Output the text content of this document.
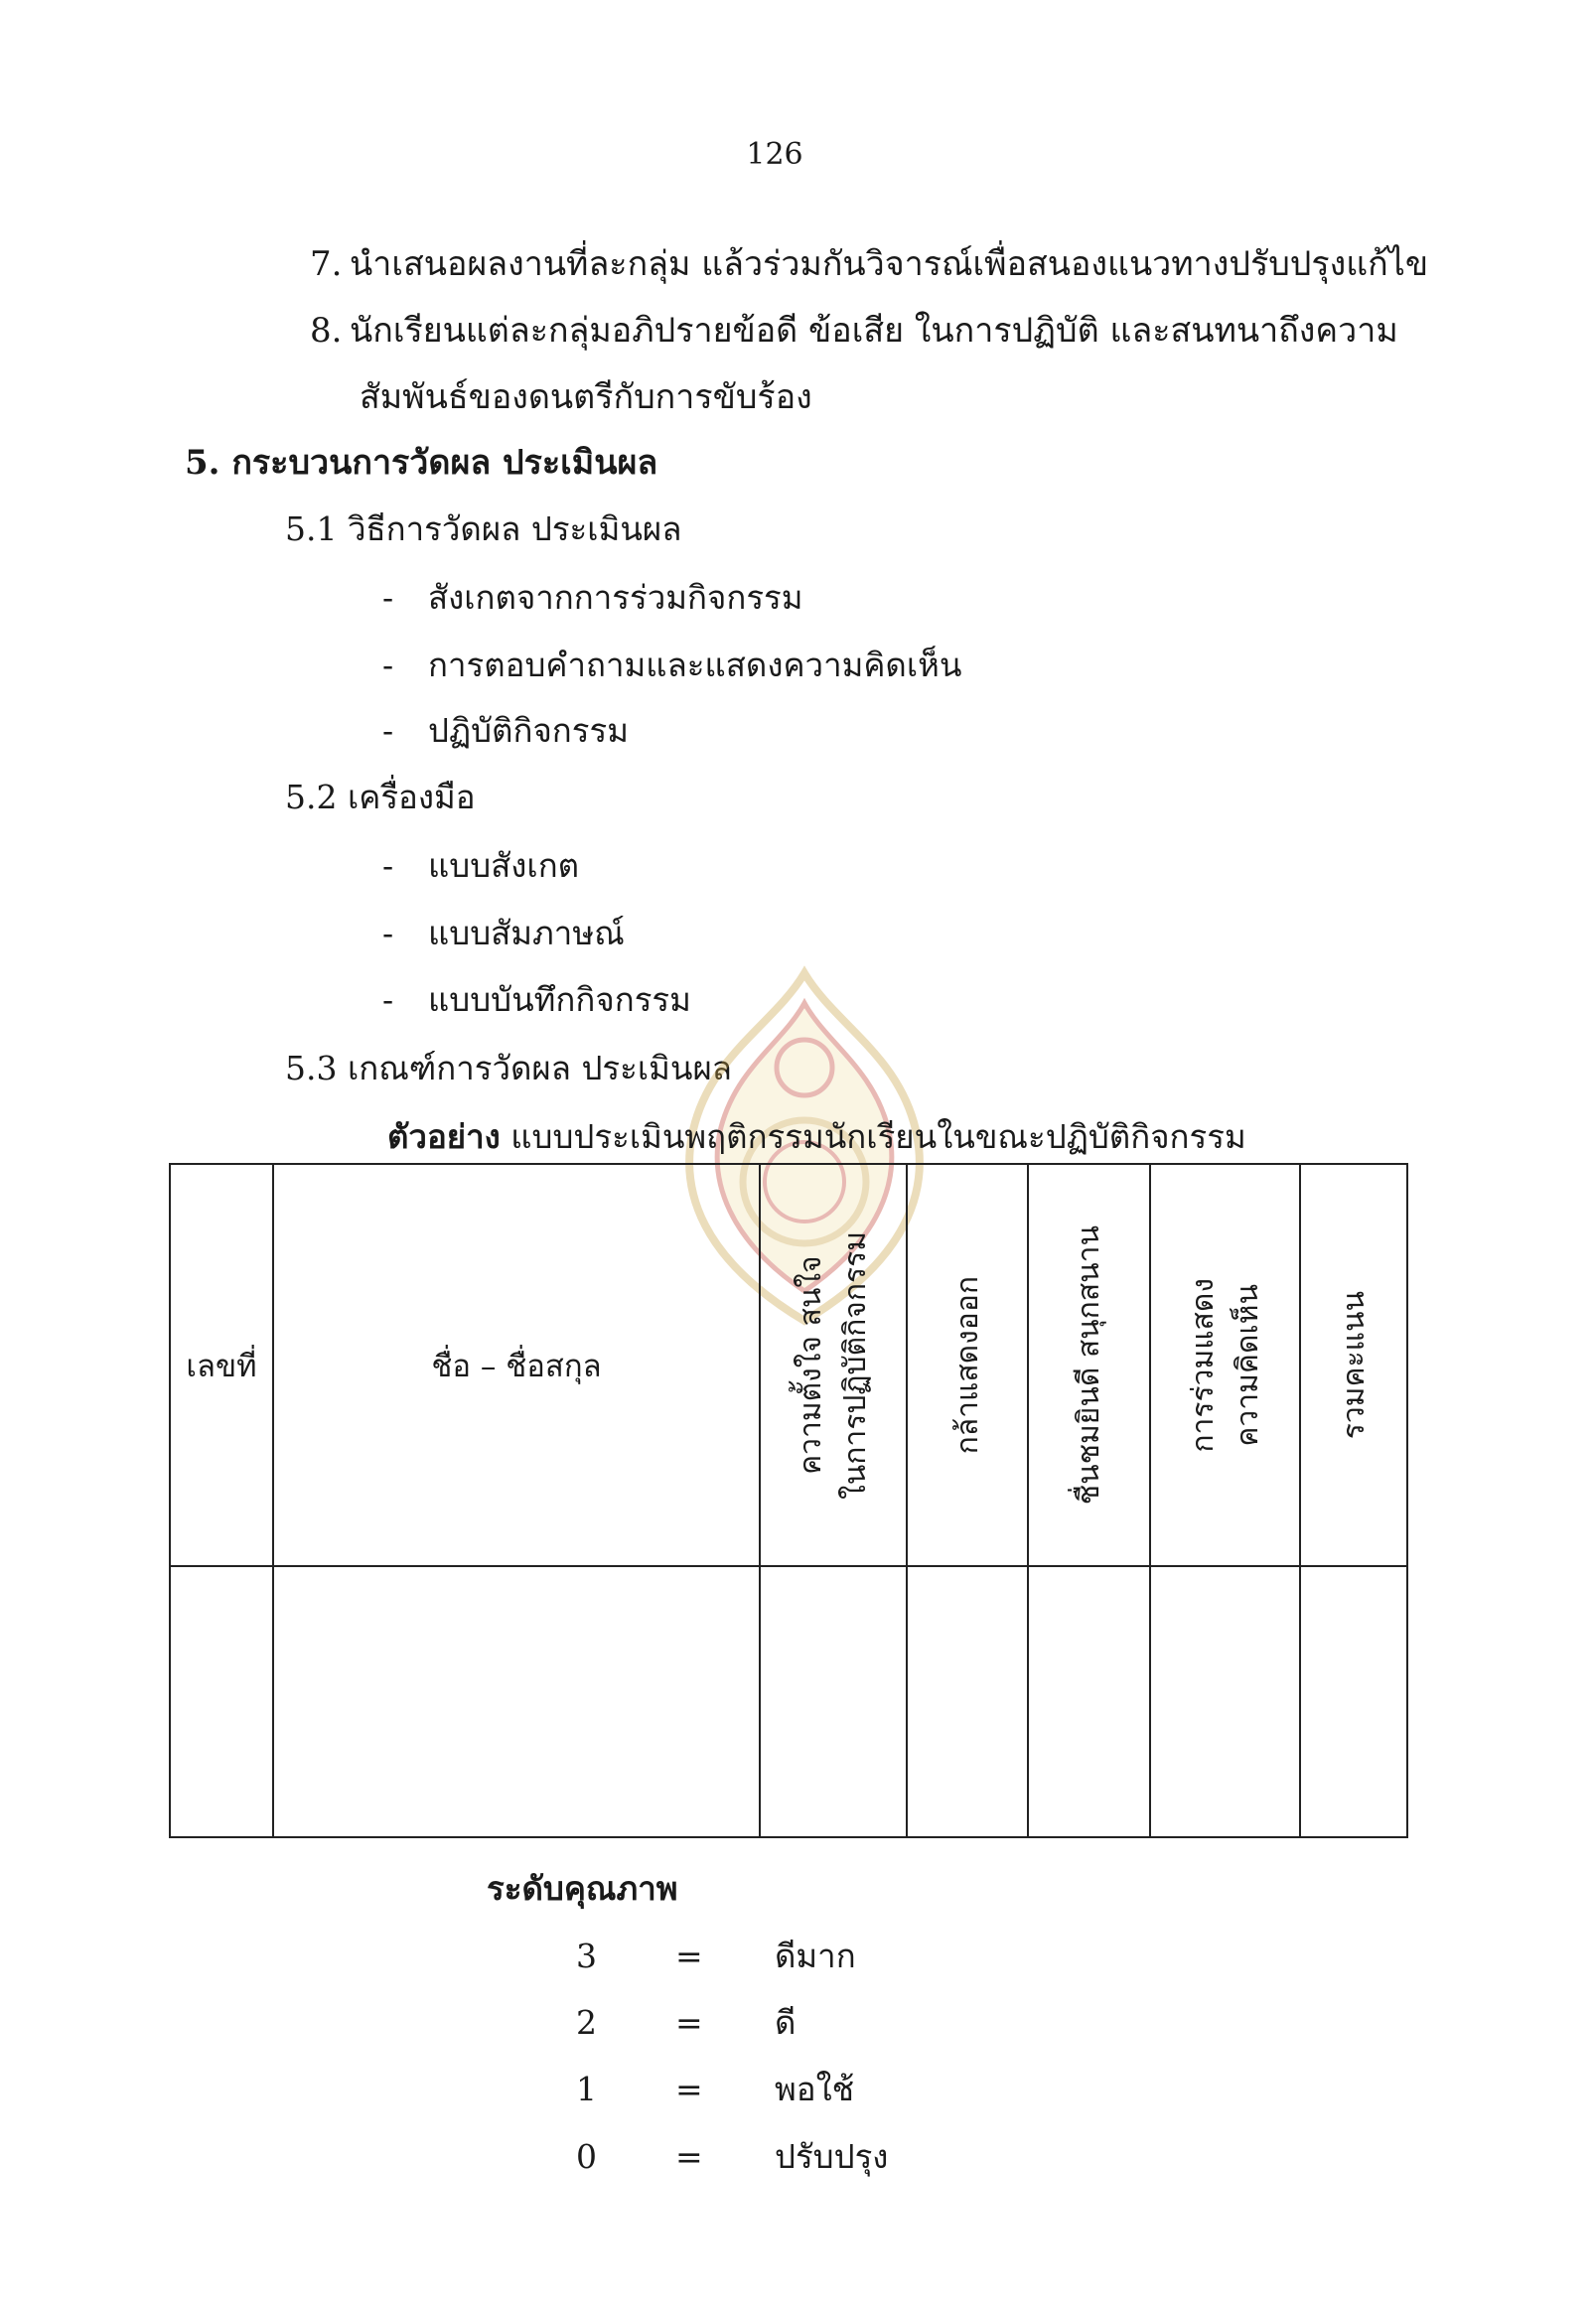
126
7. นำเสนอผลงานที่ละกลุ่ม แล้วร่วมกันวิจารณ์เพื่อสนองแนวทางปรับปรุงแก้ไข
8. นักเรียนแต่ละกลุ่มอภิปรายข้อดี ข้อเสีย ในการปฏิบัติ และสนทนาถึงความ
สัมพันธ์ของดนตรีกับการขับร้อง
5. กระบวนการวัดผล ประเมินผล
5.1 วิธีการวัดผล ประเมินผล
- สังเกตจากการร่วมกิจกรรม
- การตอบคำถามและแสดงความคิดเห็น
- ปฏิบัติกิจกรรม
5.2 เครื่องมือ
- แบบสังเกต
- แบบสัมภาษณ์
- แบบบันทึกกิจกรรม
5.3 เกณฑ์การวัดผล ประเมินผล
ตัวอย่าง แบบประเมินพฤติกรรมนักเรียนในขณะปฏิบัติกิจกรรม
เลขที่	ชื่อ – ชื่อสกุล	ความตั้งใจ สนใจ ในการปฏิบัติกิจกรรม	กล้าแสดงออก	ชื่นชมยินดี สนุกสนาน	การร่วมแสดง ความคิดเห็น	รวมคะแนน

ระดับคุณภาพ
3 = ดีมาก
2 = ดี
1 = พอใช้
0 = ปรับปรุง
